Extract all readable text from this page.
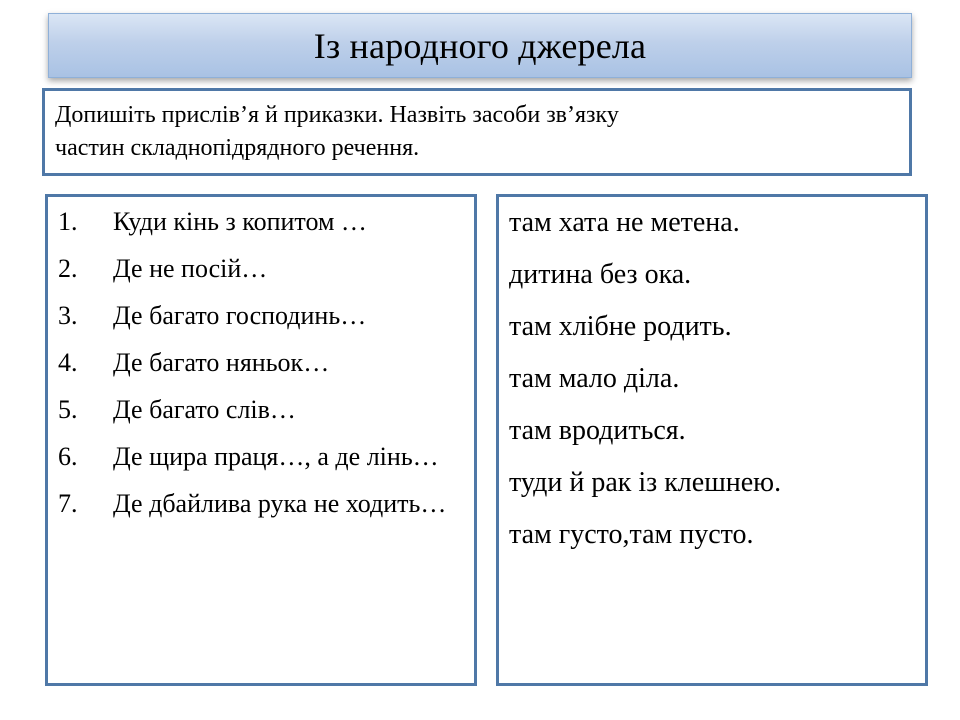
Із народного джерела
Допишіть прислів’я й приказки. Назвіть засоби зв’язку
частин складнопідрядного речення.
1.	Куди кінь з копитом …
2.	Де не посій…
3.	Де багато господинь…
4.	Де багато няньок…
5.	Де багато слів…
6.	Де щира праця…, а де лінь…
7.	Де дбайлива рука не ходить…
там хата не метена.
дитина без ока.
там хлібне родить.
там мало діла.
там вродиться.
туди й рак із клешнею.
там густо,там пусто.
